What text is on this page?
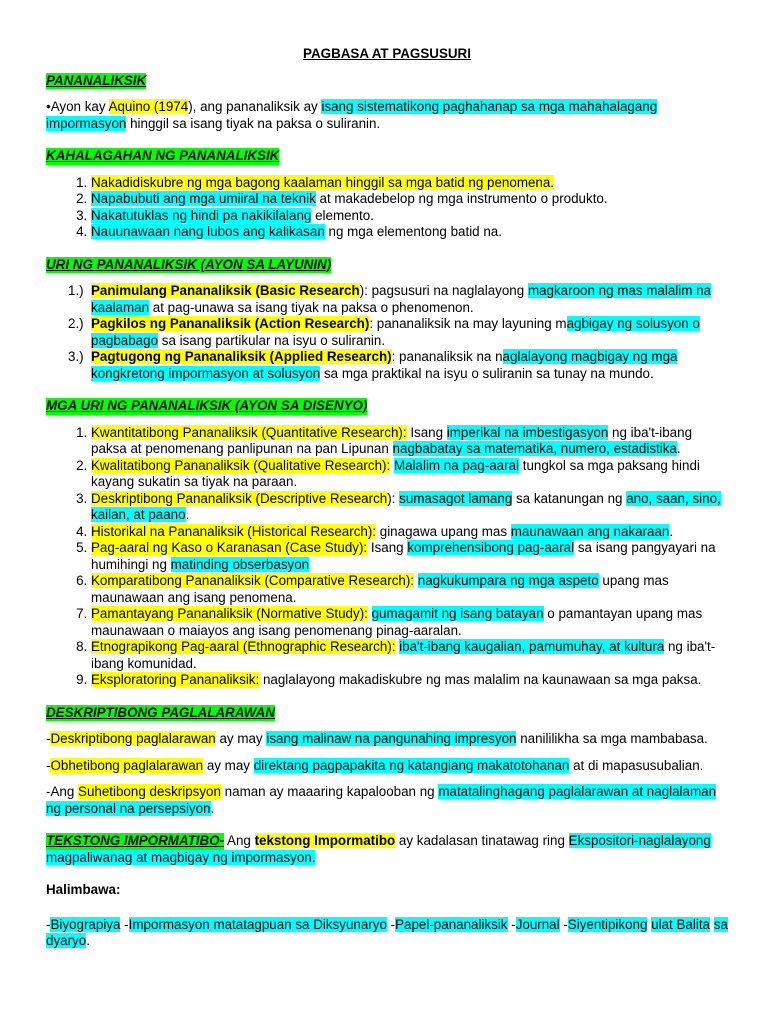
PAGBASA AT PAGSUSURI
PANANALIKSIK

•Ayon kay Aquino (1974), ang pananaliksik ay isang sistematikong paghahanap sa mga mahahalagang impormasyon hinggil sa isang tiyak na paksa o suliranin.

KAHALAGAHAN NG PANANALIKSIK
1. Nakadidiskubre ng mga bagong kaalaman hinggil sa mga batid ng penomena.
2. Napabubuti ang mga umiiral na teknik at makadebelop ng mga instrumento o produkto.
3. Nakatutuklas ng hindi pa nakikilalang elemento.
4. Nauunawaan nang lubos ang kalikasan ng mga elementong batid na.
URI NG PANANALIKSIK (AYON SA LAYUNIN)
1.) Panimulang Pananaliksik (Basic Research): pagsusuri na naglalayong magkaroon ng mas malalim na kaalaman at pag-unawa sa isang tiyak na paksa o phenomenon.
2.) Pagkilos ng Pananaliksik (Action Research): pananaliksik na may layuning magbigay ng solusyon o pagbabago sa isang partikular na isyu o suliranin.
3.) Pagtugong ng Pananaliksik (Applied Research): pananaliksik na naglalayong magbigay ng mga kongkretong impormasyon at solusyon sa mga praktikal na isyu o suliranin sa tunay na mundo.
MGA URI NG PANANALIKSIK (AYON SA DISENYO)
1. Kwantitatibong Pananaliksik (Quantitative Research): Isang imperikal na imbestigasyon ng iba't-ibang paksa at penomenang panlipunan na pan Lipunan nagbabatay sa matematika, numero, estadistika.
2. Kwalitatibong Pananaliksik (Qualitative Research): Malalim na pag-aaral tungkol sa mga paksang hindi kayang sukatin sa tiyak na paraan.
3. Deskriptibong Pananaliksik (Descriptive Research): sumasagot lamang sa katanungan ng ano, saan, sino, kailan, at paano.
4. Historikal na Pananaliksik (Historical Research): ginagawa upang mas maunawaan ang nakaraan.
5. Pag-aaral ng Kaso o Karanasan (Case Study): Isang komprehensibong pag-aaral sa isang pangyayari na humihingi ng matinding obserbasyon
6. Komparatibong Pananaliksik (Comparative Research): nagkukumpara ng mga aspeto upang mas maunawaan ang isang penomena.
7. Pamantayang Pananaliksik (Normative Study): gumagamit ng isang batayan o pamantayan upang mas maunawaan o maiayos ang isang penomenang pinag-aaralan.
8. Etnograpikong Pag-aaral (Ethnographic Research): iba't-ibang kaugalian, pamumuhay, at kultura ng iba't-ibang komunidad.
9. Eksploratoring Pananaliksik: naglalayong makadiskubre ng mas malalim na kaunawaan sa mga paksa.
DESKRIPTIBONG PAGLALARAWAN

-Deskriptibong paglalarawan ay may isang malinaw na pangunahing impresyon nanililikha sa mga mambabasa.

-Obhetibong paglalarawan ay may direktang pagpapakita ng katangiang makatotohanan at di mapasusubalian.

-Ang Suhetibong deskripsyon naman ay maaaring kapalooban ng matatalinghagang paglalarawan at naglalaman ng personal na persepsiyon.

TEKSTONG IMPORMATIBO- Ang tekstong Impormatibo ay kadalasan tinatawag ring Ekspositori-naglalayong magpaliwanag at magbigay ng impormasyon.

Halimbawa:

-Biyograpiya -Impormasyon matatagpuan sa Diksyunaryo -Papel-pananaliksik -Journal -Siyentipikong ulat Balita sa dyaryo.
